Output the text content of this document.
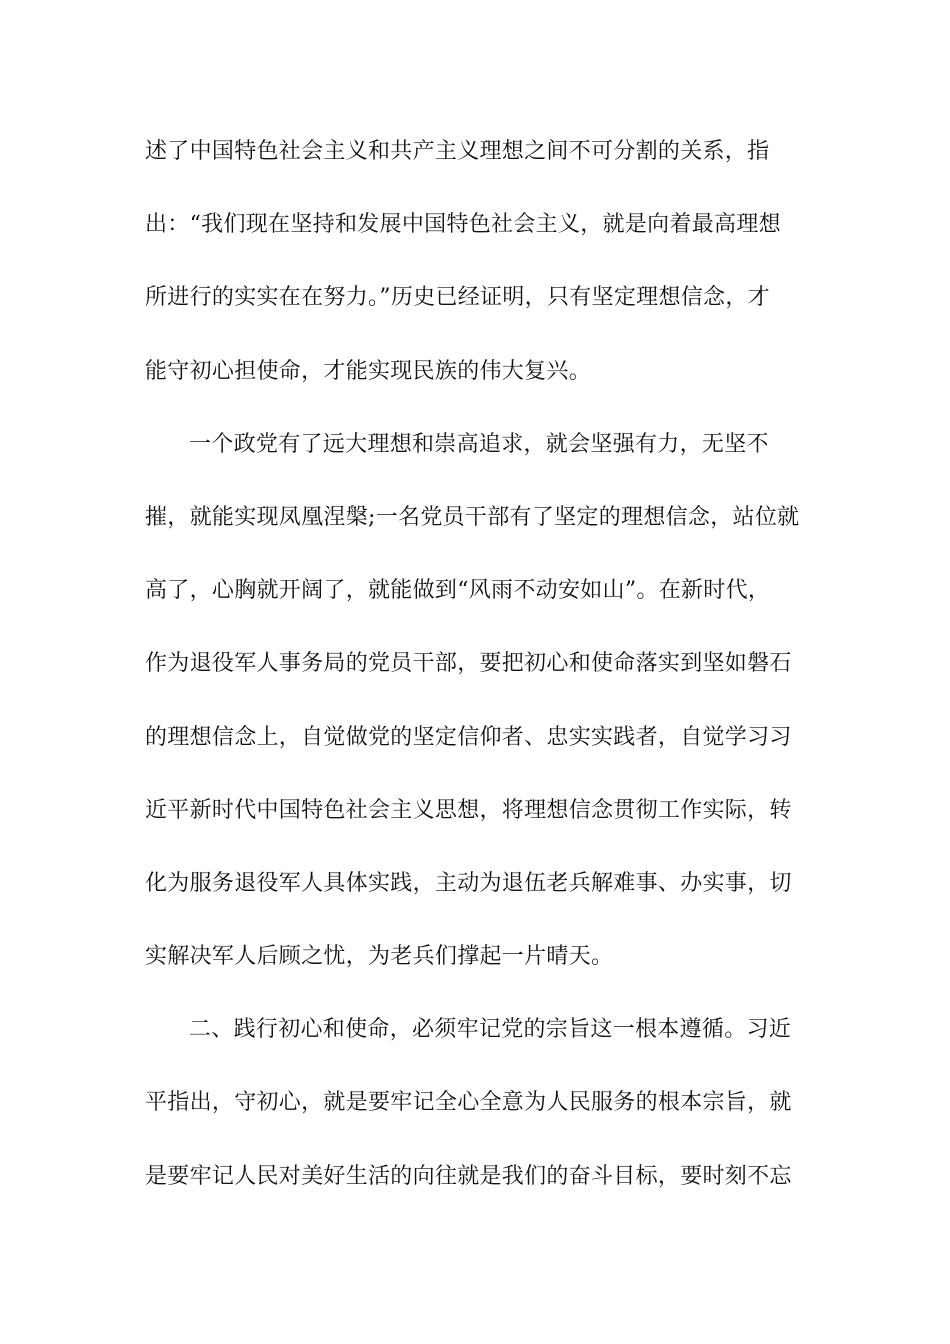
述了中国特色社会主义和共产主义理想之间不可分割的关系，指
出：“我们现在坚持和发展中国特色社会主义，就是向着最高理想
所进行的实实在在努力。”历史已经证明，只有坚定理想信念，才
能守初心担使命，才能实现民族的伟大复兴。
一个政党有了远大理想和崇高追求，就会坚强有力，无坚不
摧，就能实现凤凰涅槃;一名党员干部有了坚定的理想信念，站位就
高了，心胸就开阔了，就能做到“风雨不动安如山”。在新时代，
作为退役军人事务局的党员干部，要把初心和使命落实到坚如磐石
的理想信念上，自觉做党的坚定信仰者、忠实实践者，自觉学习习
近平新时代中国特色社会主义思想，将理想信念贯彻工作实际，转
化为服务退役军人具体实践，主动为退伍老兵解难事、办实事，切
实解决军人后顾之忧，为老兵们撑起一片晴天。
二、践行初心和使命，必须牢记党的宗旨这一根本遵循。习近
平指出，守初心，就是要牢记全心全意为人民服务的根本宗旨，就
是要牢记人民对美好生活的向往就是我们的奋斗目标，要时刻不忘
